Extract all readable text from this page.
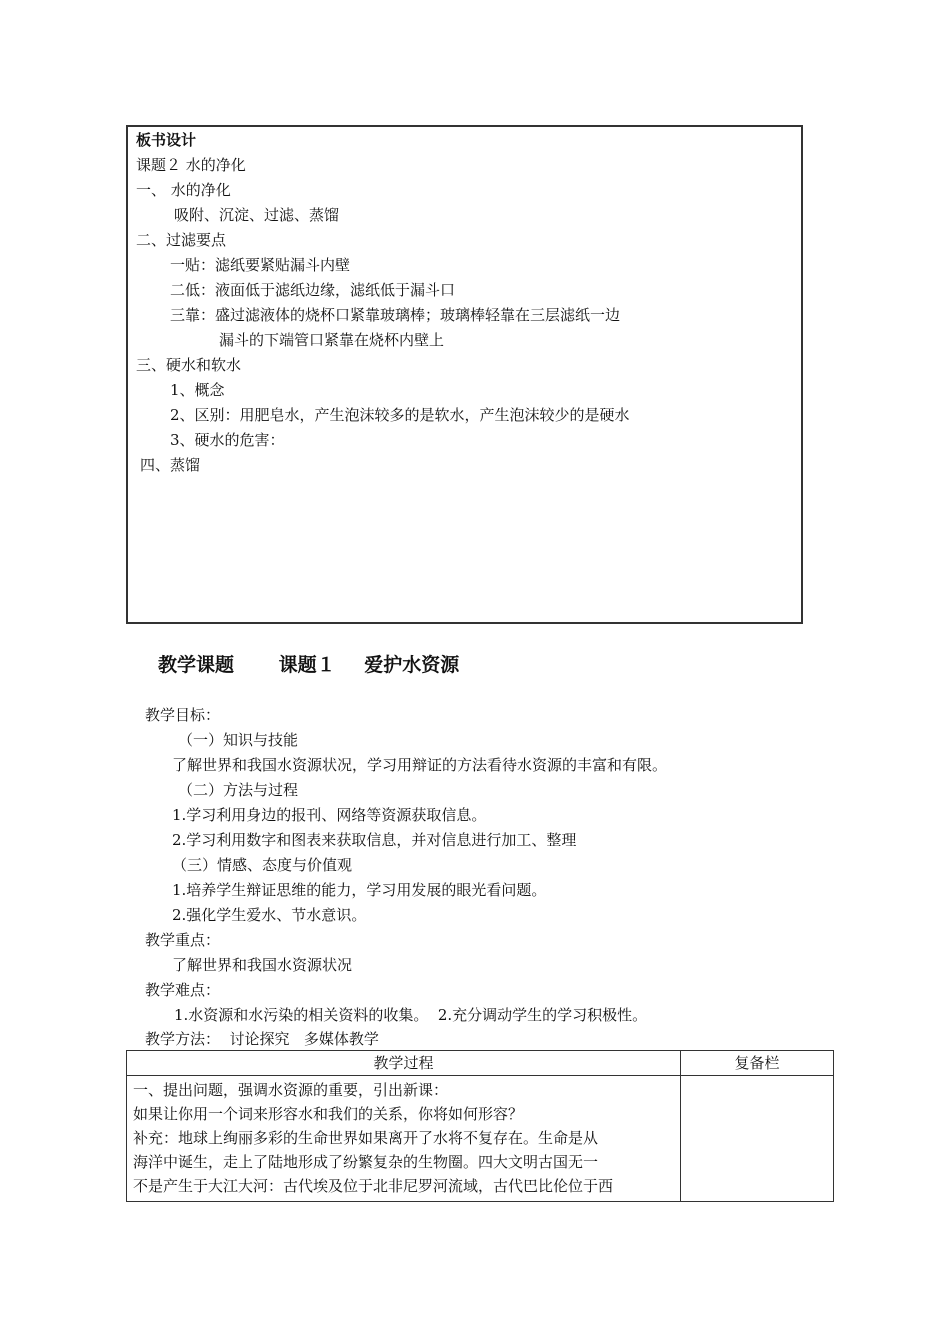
板书设计
课题２ 水的净化
一、 水的净化
吸附、沉淀、过滤、蒸馏
二、过滤要点
一贴：滤纸要紧贴漏斗内壁
二低：液面低于滤纸边缘，滤纸低于漏斗口
三靠：盛过滤液体的烧杯口紧靠玻璃棒；玻璃棒轻靠在三层滤纸一边
漏斗的下端管口紧靠在烧杯内壁上
三、硬水和软水
1、概念
2、区别：用肥皂水，产生泡沫较多的是软水，产生泡沫较少的是硬水
3、硬水的危害：
四、蒸馏
教学课题 课题１ 爱护水资源
教学目标：
（一）知识与技能
了解世界和我国水资源状况，学习用辩证的方法看待水资源的丰富和有限。
（二）方法与过程
1.学习利用身边的报刊、网络等资源获取信息。
2.学习利用数字和图表来获取信息，并对信息进行加工、整理
（三）情感、态度与价值观
1.培养学生辩证思维的能力，学习用发展的眼光看问题。
2.强化学生爱水、节水意识。
教学重点：
了解世界和我国水资源状况
教学难点：
1.水资源和水污染的相关资料的收集。  2.充分调动学生的学习积极性。
教学方法：  讨论探究   多媒体教学
教学过程	复备栏

一、提出问题，强调水资源的重要，引出新课：
如果让你用一个词来形容水和我们的关系，你将如何形容？
补充：地球上绚丽多彩的生命世界如果离开了水将不复存在。生命是从
海洋中诞生，走上了陆地形成了纷繁复杂的生物圈。四大文明古国无一
不是产生于大江大河：古代埃及位于北非尼罗河流域，古代巴比伦位于西	
